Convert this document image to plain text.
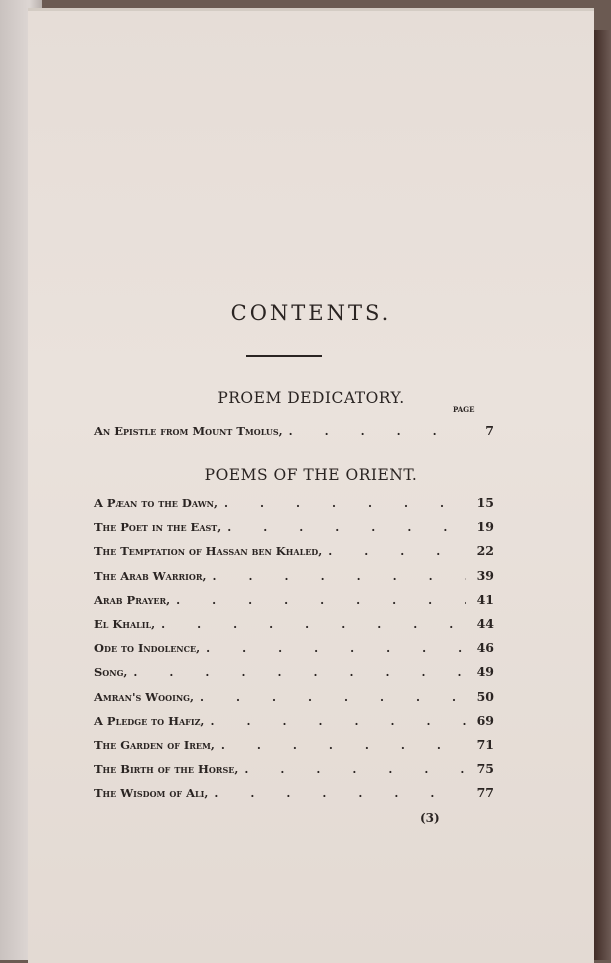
CONTENTS.
PROEM DEDICATORY.
PAGE
An Epistle from Mount Tmolus, . . .	7
POEMS OF THE ORIENT.
A Pæan to the Dawn, . . .	15
The Poet in the East, . . .	19
The Temptation of Hassan ben Khaled, . . .	22
The Arab Warrior, . . .	39
Arab Prayer, . . .	41
El Khalil, . . .	44
Ode to Indolence, . . .	46
Song, . . .	49
Amran's Wooing, . . .	50
A Pledge to Hafiz, . . .	69
The Garden of Irem, . . .	71
The Birth of the Horse, . . .	75
The Wisdom of Ali, . . .	77
(3)
